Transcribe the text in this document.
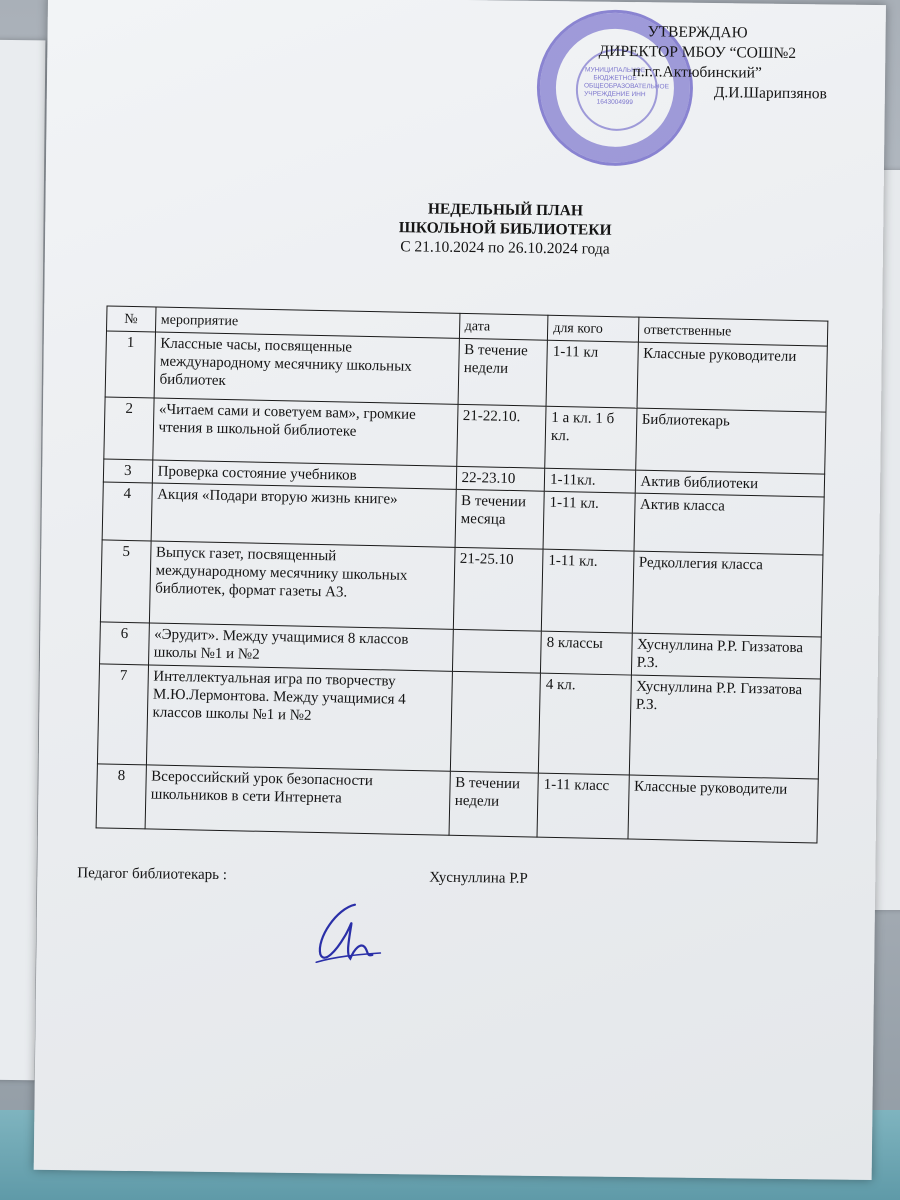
МУНИЦИПАЛЬНОЕ БЮДЖЕТНОЕ ОБЩЕОБРАЗОВАТЕЛЬНОЕ УЧРЕЖДЕНИЕ ИНН 1643004999
УТВЕРЖДАЮ
ДИРЕКТОР МБОУ “СОШ№2
п.г.т.Актюбинский”
Д.И.Шарипзянов
НЕДЕЛЬНЫЙ ПЛАН
ШКОЛЬНОЙ БИБЛИОТЕКИ
С 21.10.2024 по 26.10.2024 года
№	мероприятие	дата	для кого	ответственные
1	Классные часы, посвященные международному месячнику школьных библиотек	В течение недели	1-11 кл	Классные руководители
2	«Читаем сами и советуем вам», громкие чтения в школьной библиотеке	21-22.10.	1 а кл. 1 б кл.	Библиотекарь
3	Проверка состояние учебников	22-23.10	1-11кл.	Актив библиотеки
4	Акция «Подари вторую жизнь книге»	В течении месяца	1-11 кл.	Актив класса
5	Выпуск газет, посвященный международному месячнику школьных библиотек, формат газеты А3.	21-25.10	1-11 кл.	Редколлегия класса
6	«Эрудит». Между учащимися 8 классов школы №1 и №2		8 классы	Хуснуллина Р.Р. Гиззатова Р.З.
7	Интеллектуальная игра по творчеству М.Ю.Лермонтова. Между учащимися 4 классов школы №1 и №2		4 кл.	Хуснуллина Р.Р. Гиззатова Р.З.
8	Всероссийский урок безопасности школьников в сети Интернета	В течении недели	1-11 класс	Классные руководители
Педагог библиотекарь :	Хуснуллина Р.Р
